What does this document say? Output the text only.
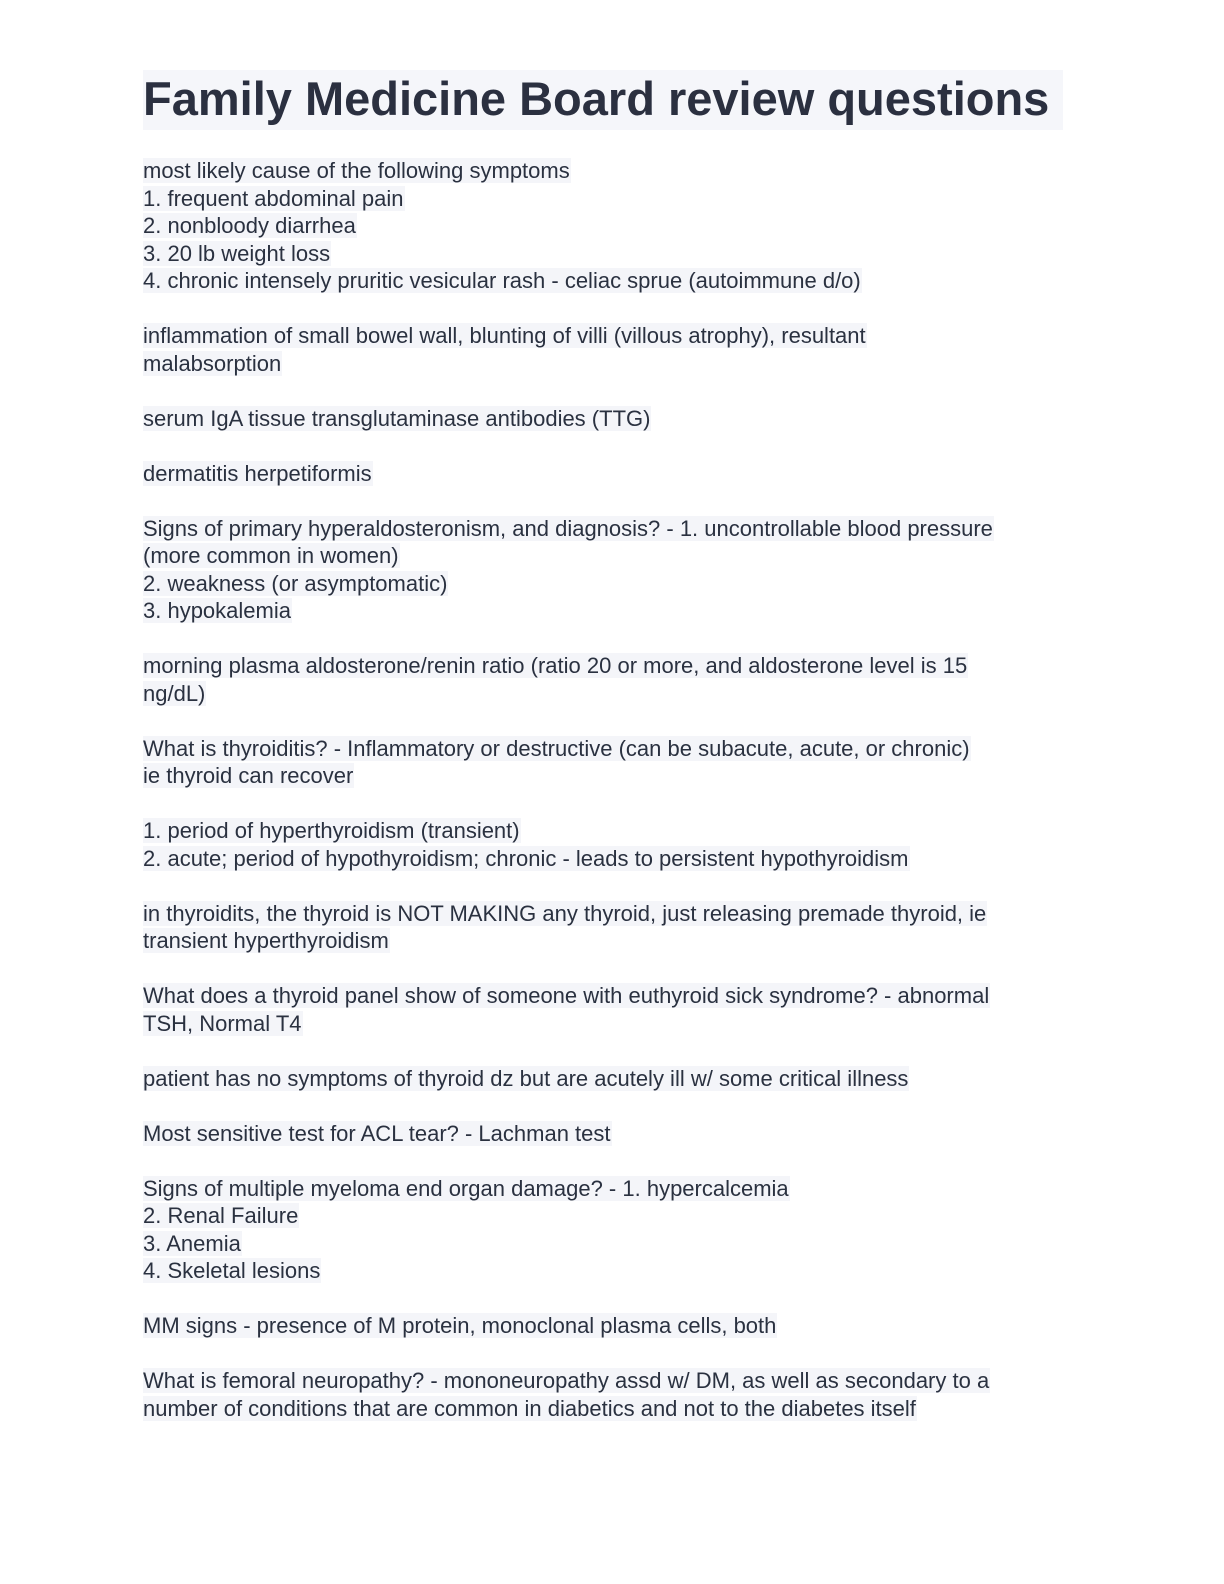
Family Medicine Board review questions
most likely cause of the following symptoms
1. frequent abdominal pain
2. nonbloody diarrhea
3. 20 lb weight loss
4. chronic intensely pruritic vesicular rash - celiac sprue (autoimmune d/o)
inflammation of small bowel wall, blunting of villi (villous atrophy), resultant
malabsorption
serum IgA tissue transglutaminase antibodies (TTG)
dermatitis herpetiformis
Signs of primary hyperaldosteronism, and diagnosis? - 1. uncontrollable blood pressure
(more common in women)
2. weakness (or asymptomatic)
3. hypokalemia
morning plasma aldosterone/renin ratio (ratio 20 or more, and aldosterone level is 15
ng/dL)
What is thyroiditis? - Inflammatory or destructive (can be subacute, acute, or chronic)
ie thyroid can recover
1. period of hyperthyroidism (transient)
2. acute; period of hypothyroidism; chronic - leads to persistent hypothyroidism
in thyroidits, the thyroid is NOT MAKING any thyroid, just releasing premade thyroid, ie
transient hyperthyroidism
What does a thyroid panel show of someone with euthyroid sick syndrome? - abnormal
TSH, Normal T4
patient has no symptoms of thyroid dz but are acutely ill w/ some critical illness
Most sensitive test for ACL tear? - Lachman test
Signs of multiple myeloma end organ damage? - 1. hypercalcemia
2. Renal Failure
3. Anemia
4. Skeletal lesions
MM signs - presence of M protein, monoclonal plasma cells, both
What is femoral neuropathy? - mononeuropathy assd w/ DM, as well as secondary to a
number of conditions that are common in diabetics and not to the diabetes itself
